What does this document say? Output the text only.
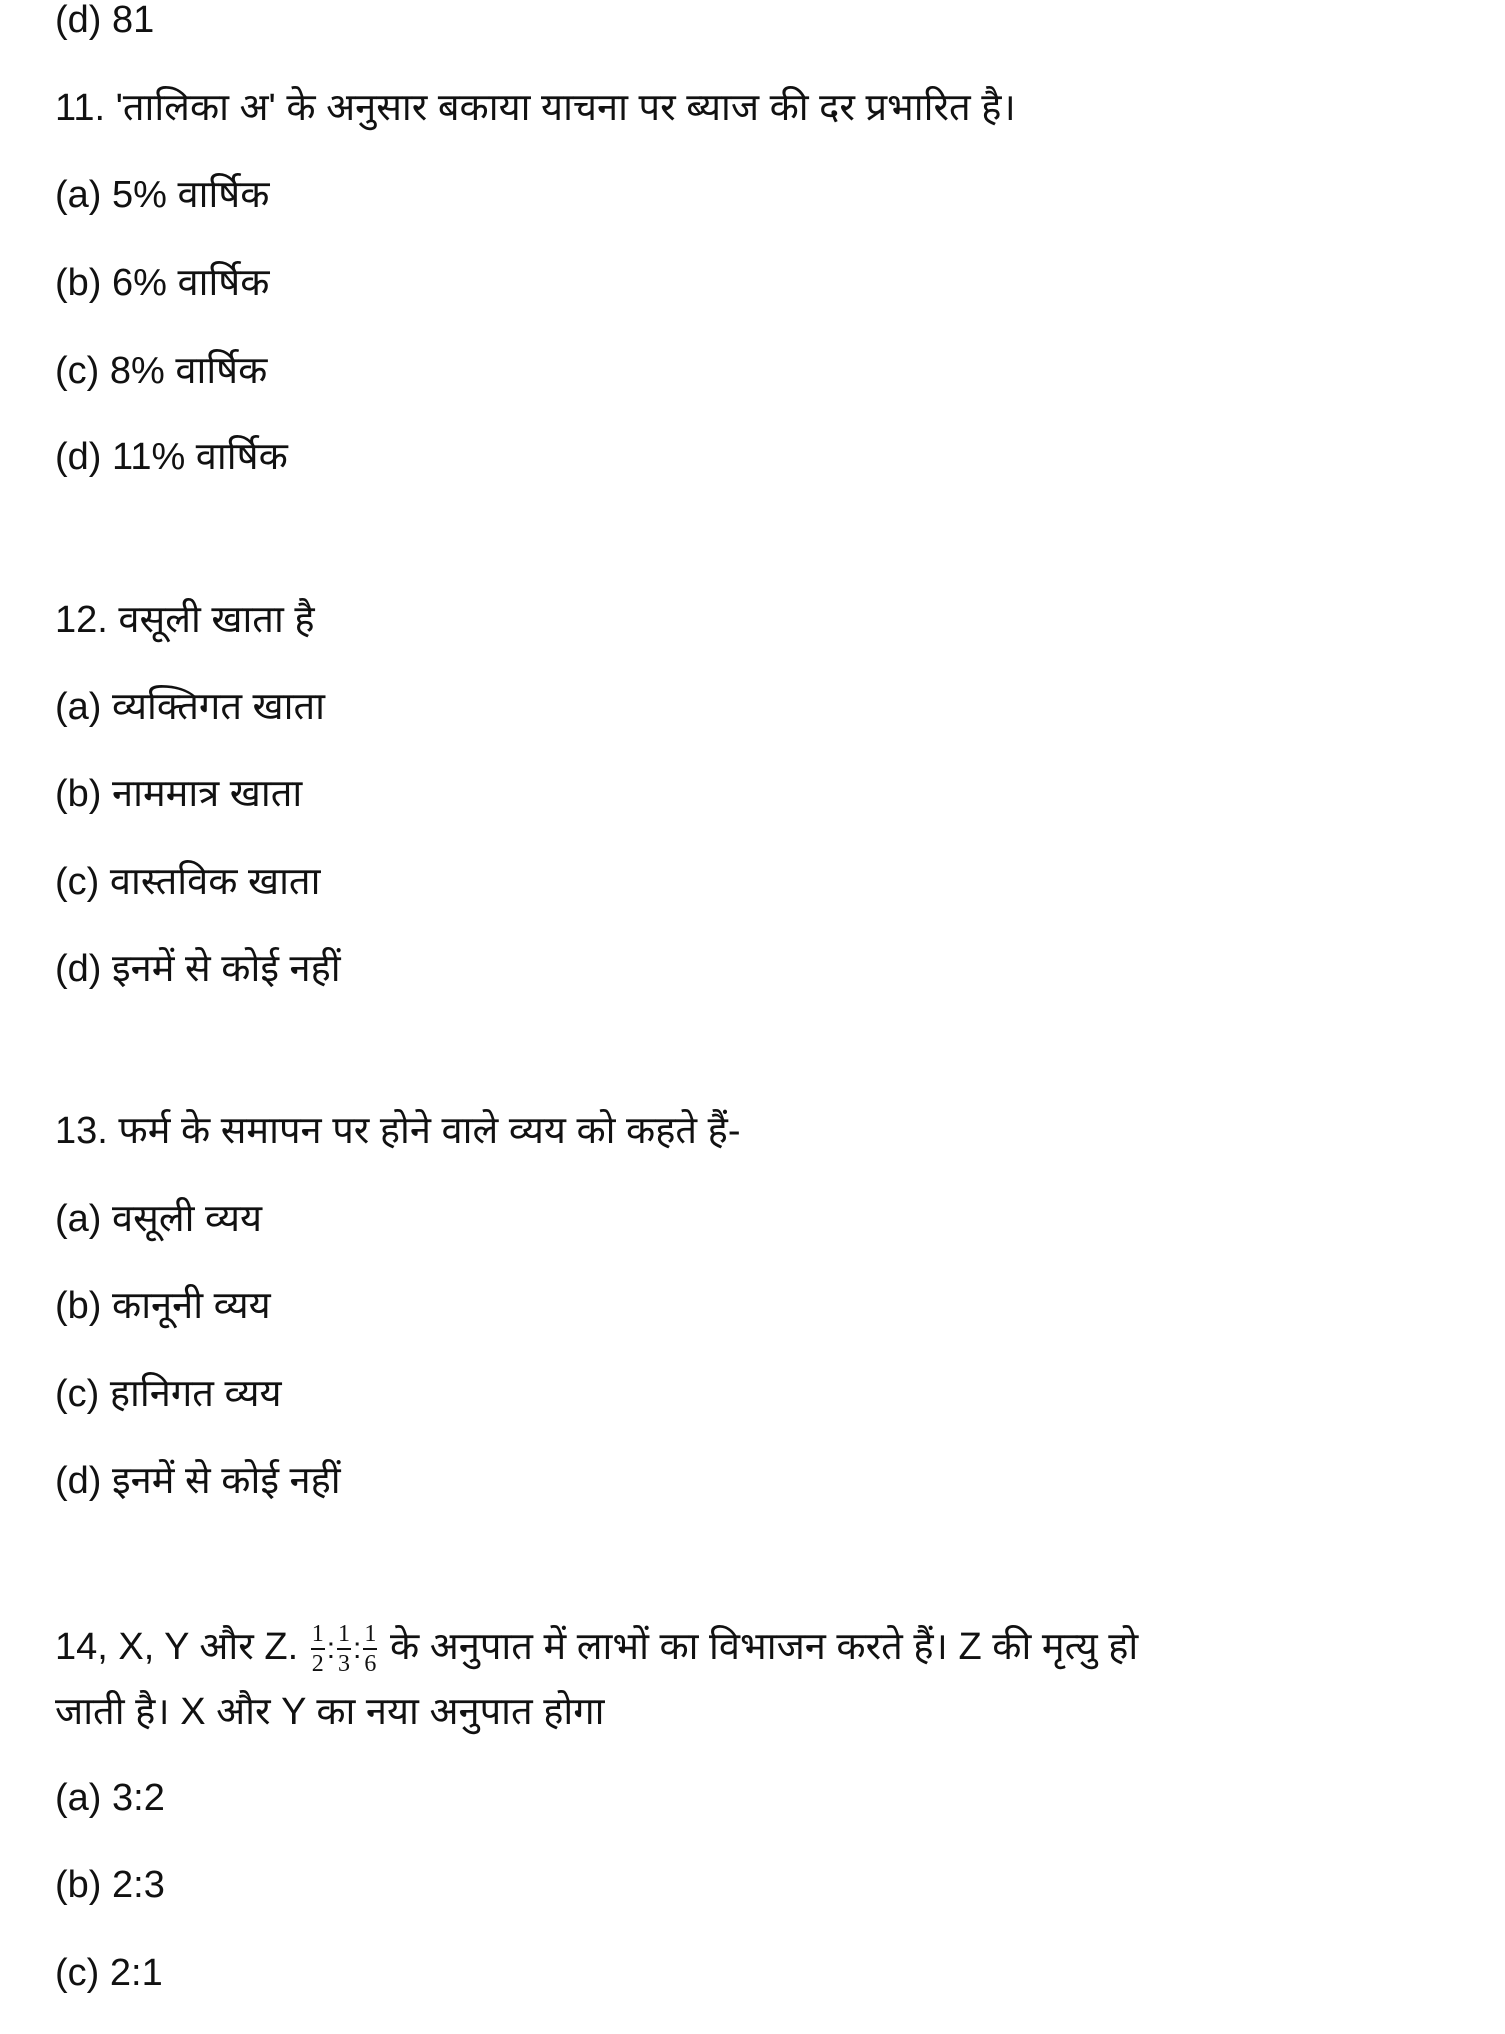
(d) 81
11. 'तालिका अ' के अनुसार बकाया याचना पर ब्याज की दर प्रभारित है।
(a) 5% वार्षिक
(b) 6% वार्षिक
(c) 8% वार्षिक
(d) 11% वार्षिक
12. वसूली खाता है
(a) व्यक्तिगत खाता
(b) नाममात्र खाता
(c) वास्तविक खाता
(d) इनमें से कोई नहीं
13. फर्म के समापन पर होने वाले व्यय को कहते हैं-
(a) वसूली व्यय
(b) कानूनी व्यय
(c) हानिगत व्यय
(d) इनमें से कोई नहीं
14, X, Y और Z. $\frac{1}{2}$ : $\frac{1}{3}$ : $\frac{1}{6}$ के अनुपात में लाभों का विभाजन करते हैं। Z की मृत्यु हो
जाती है। X और Y का नया अनुपात होगा
(a) 3:2
(b) 2:3
(c) 2:1
